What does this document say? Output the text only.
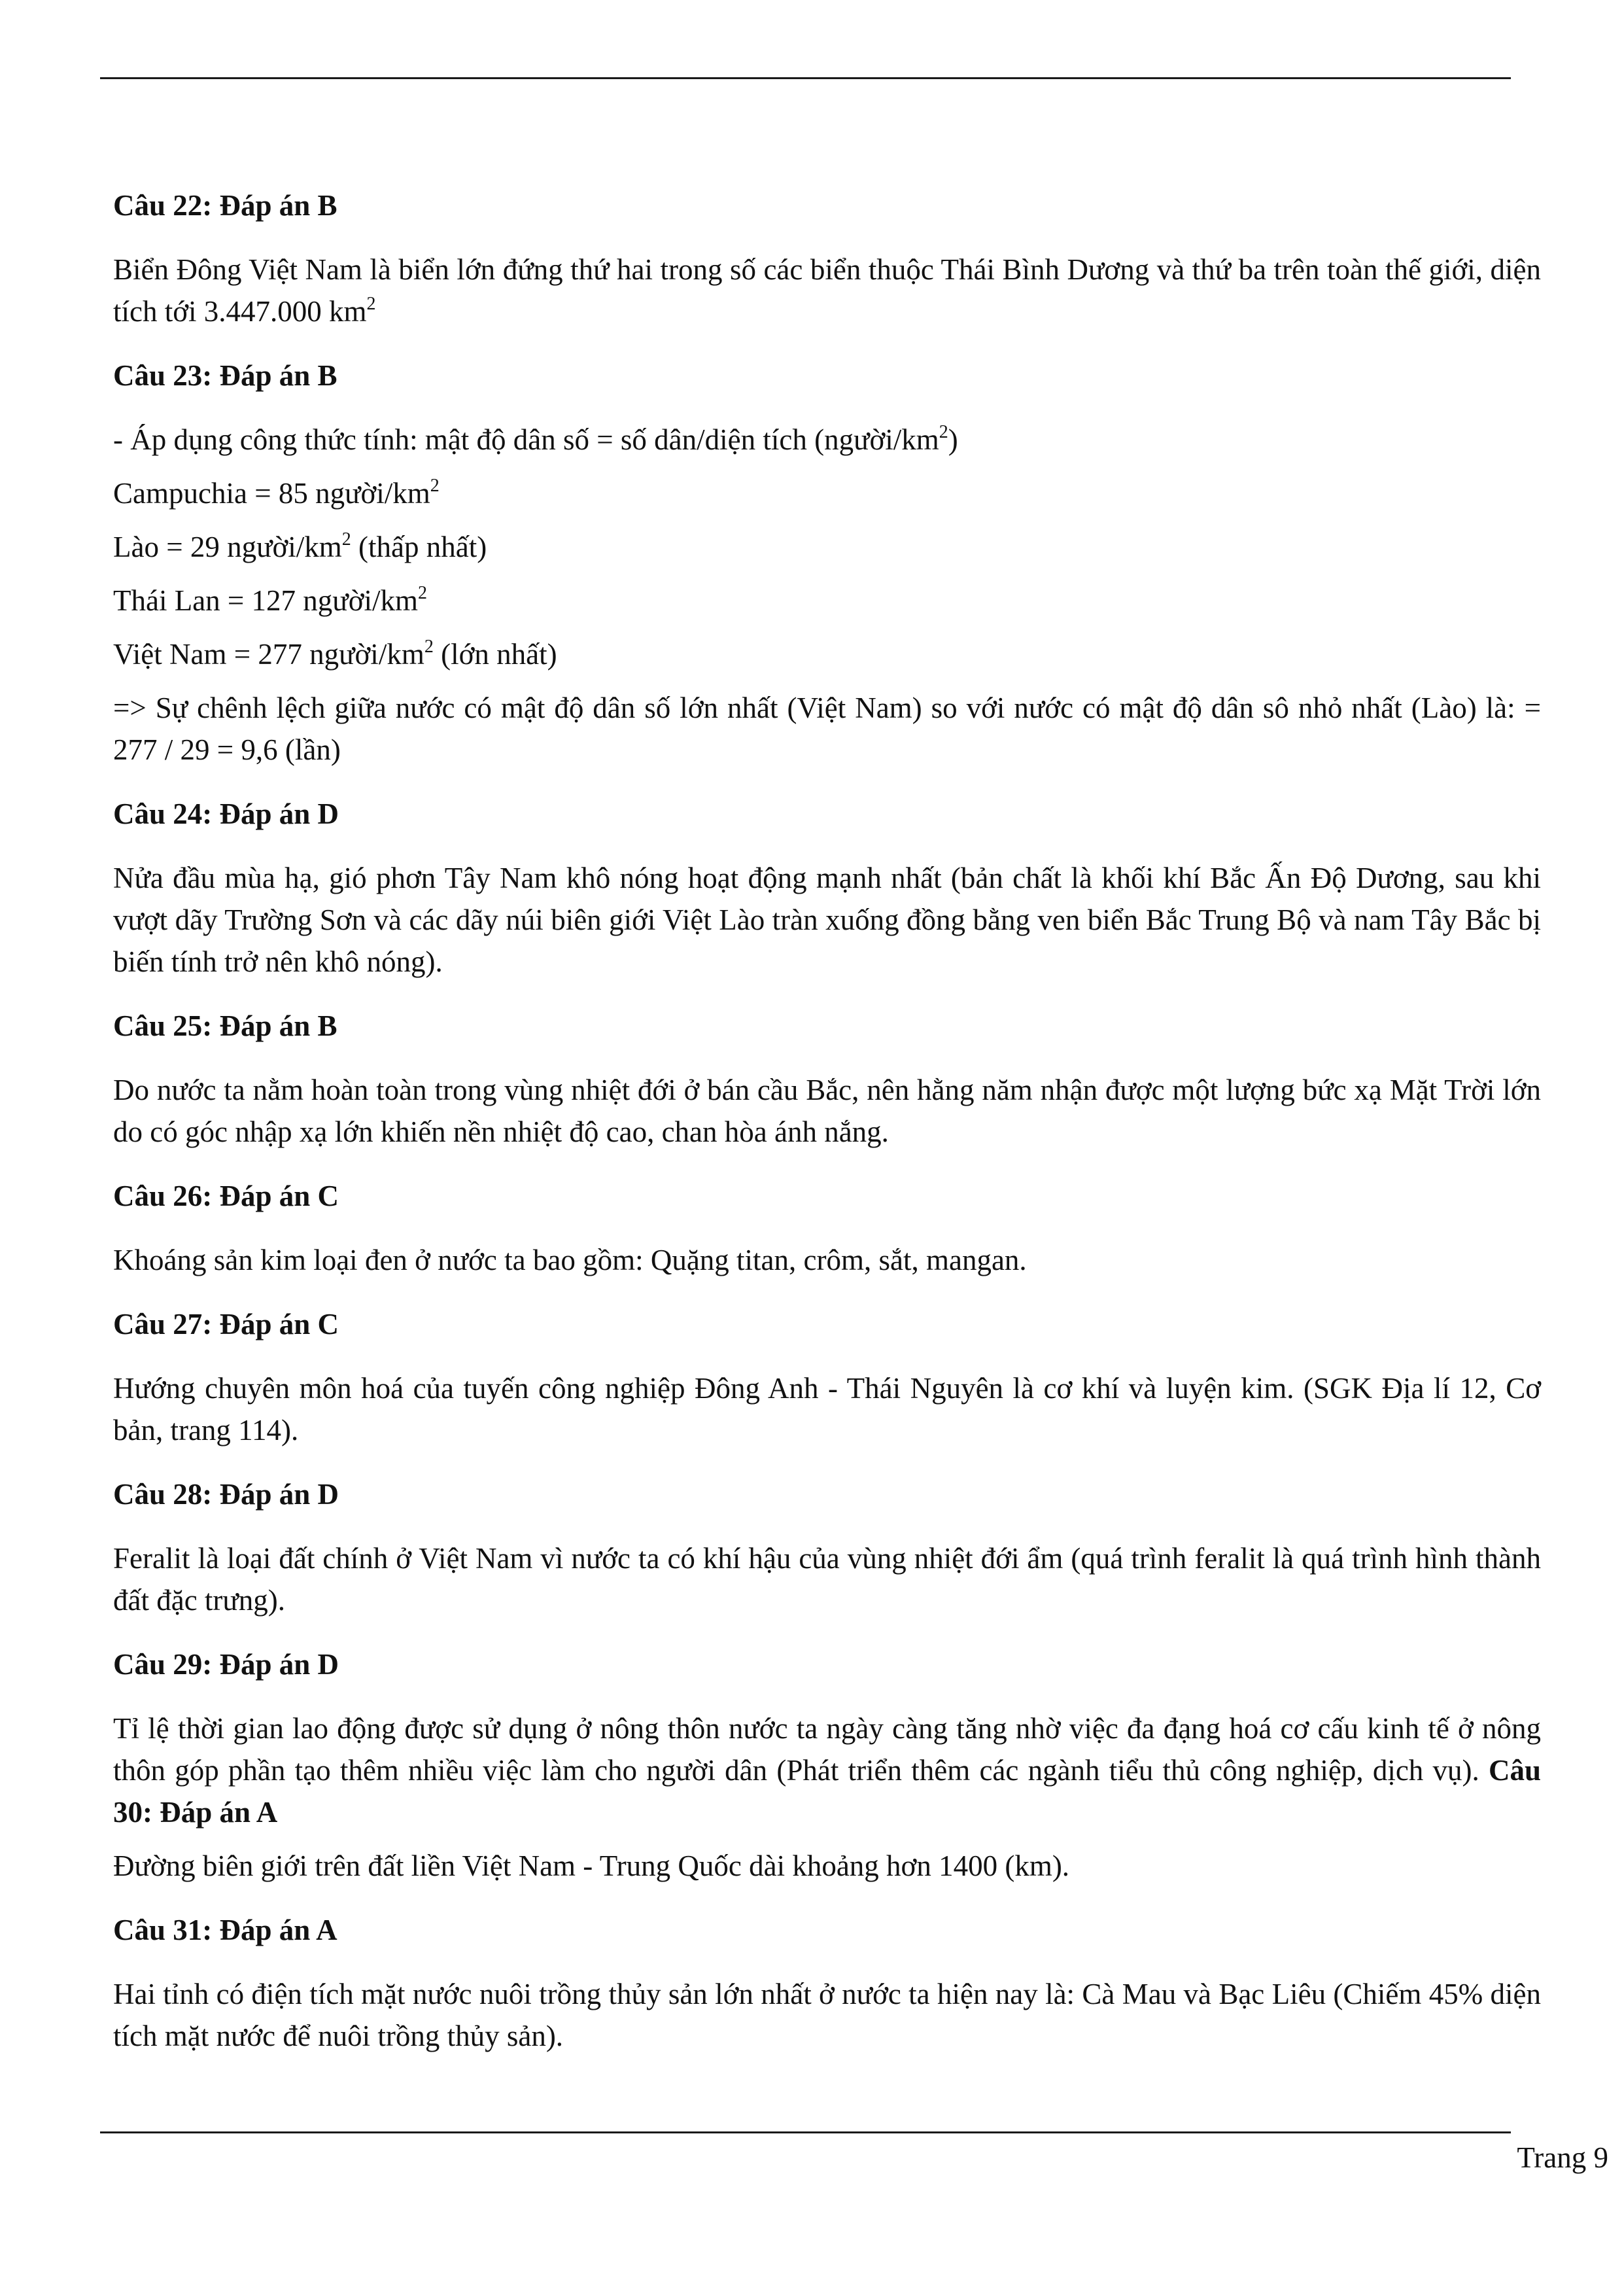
Câu 22: Đáp án B
Biển Đông Việt Nam là biển lớn đứng thứ hai trong số các biển thuộc Thái Bình Dương và thứ ba trên toàn thế giới, diện tích tới 3.447.000 $km^2$
Câu 23: Đáp án B
- Áp dụng công thức tính: mật độ dân số = số dân/diện tích $(người/km^2)$
Campuchia = 85 người/$km^2$
Lào = 29 người/$km^2$ (thấp nhất)
Thái Lan = 127 người/$km^2$
Việt Nam = 277 người/$km^2$ (lớn nhất)
=> Sự chênh lệch giữa nước có mật độ dân số lớn nhất (Việt Nam) so với nước có mật độ dân sô nhỏ nhất (Lào) là: = 277 / 29 = 9,6 (lần)
Câu 24: Đáp án D
Nửa đầu mùa hạ, gió phơn Tây Nam khô nóng hoạt động mạnh nhất (bản chất là khối khí Bắc Ấn Độ Dương, sau khi vượt dãy Trường Sơn và các dãy núi biên giới Việt Lào tràn xuống đồng bằng ven biển Bắc Trung Bộ và nam Tây Bắc bị biến tính trở nên khô nóng).
Câu 25: Đáp án B
Do nước ta nằm hoàn toàn trong vùng nhiệt đới ở bán cầu Bắc, nên hằng năm nhận được một lượng bức xạ Mặt Trời lớn do có góc nhập xạ lớn khiến nền nhiệt độ cao, chan hòa ánh nắng.
Câu 26: Đáp án C
Khoáng sản kim loại đen ở nước ta bao gồm: Quặng titan, crôm, sắt, mangan.
Câu 27: Đáp án C
Hướng chuyên môn hoá của tuyến công nghiệp Đông Anh - Thái Nguyên là cơ khí và luyện kim. (SGK Địa lí 12, Cơ bản, trang 114).
Câu 28: Đáp án D
Feralit là loại đất chính ở Việt Nam vì nước ta có khí hậu của vùng nhiệt đới ẩm (quá trình feralit là quá trình hình thành đất đặc trưng).
Câu 29: Đáp án D
Tỉ lệ thời gian lao động được sử dụng ở nông thôn nước ta ngày càng tăng nhờ việc đa đạng hoá cơ cấu kinh tế ở nông thôn góp phần tạo thêm nhiều việc làm cho người dân (Phát triển thêm các ngành tiểu thủ công nghiệp, dịch vụ). Câu 30: Đáp án A
Đường biên giới trên đất liền Việt Nam - Trung Quốc dài khoảng hơn 1400 (km).
Câu 31: Đáp án A
Hai tỉnh có điện tích mặt nước nuôi trồng thủy sản lớn nhất ở nước ta hiện nay là: Cà Mau và Bạc Liêu (Chiếm 45% diện tích mặt nước để nuôi trồng thủy sản).
Trang 9
